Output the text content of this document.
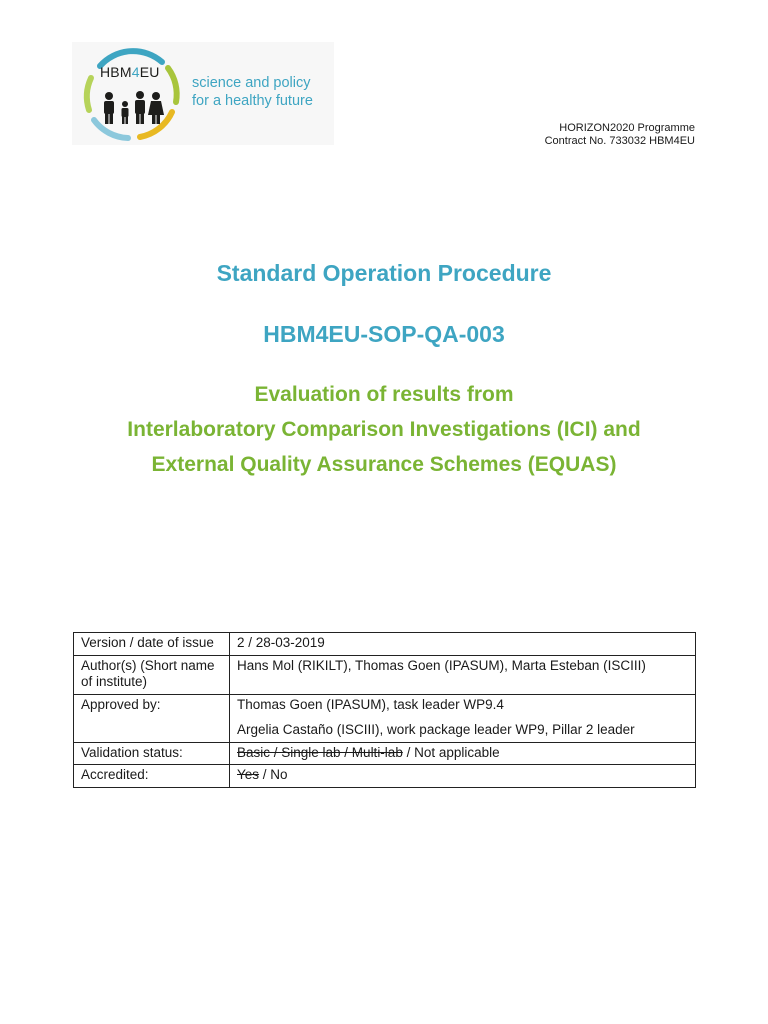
HBM4EU
science and policy
for a healthy future
HORIZON2020 Programme
Contract No. 733032 HBM4EU
Standard Operation Procedure
HBM4EU-SOP-QA-003
Evaluation of results from
Interlaboratory Comparison Investigations (ICI) and
External Quality Assurance Schemes (EQUAS)
Version / date of issue	2 / 28-03-2019
Author(s) (Short name of institute)	Hans Mol (RIKILT), Thomas Goen (IPASUM), Marta Esteban (ISCIII)
Approved by:	Thomas Goen (IPASUM), task leader WP9.4
Argelia Castaño (ISCIII), work package leader WP9, Pillar 2 leader

Validation status:	Basic / Single lab / Multi-lab / Not applicable
Accredited:	Yes / No
